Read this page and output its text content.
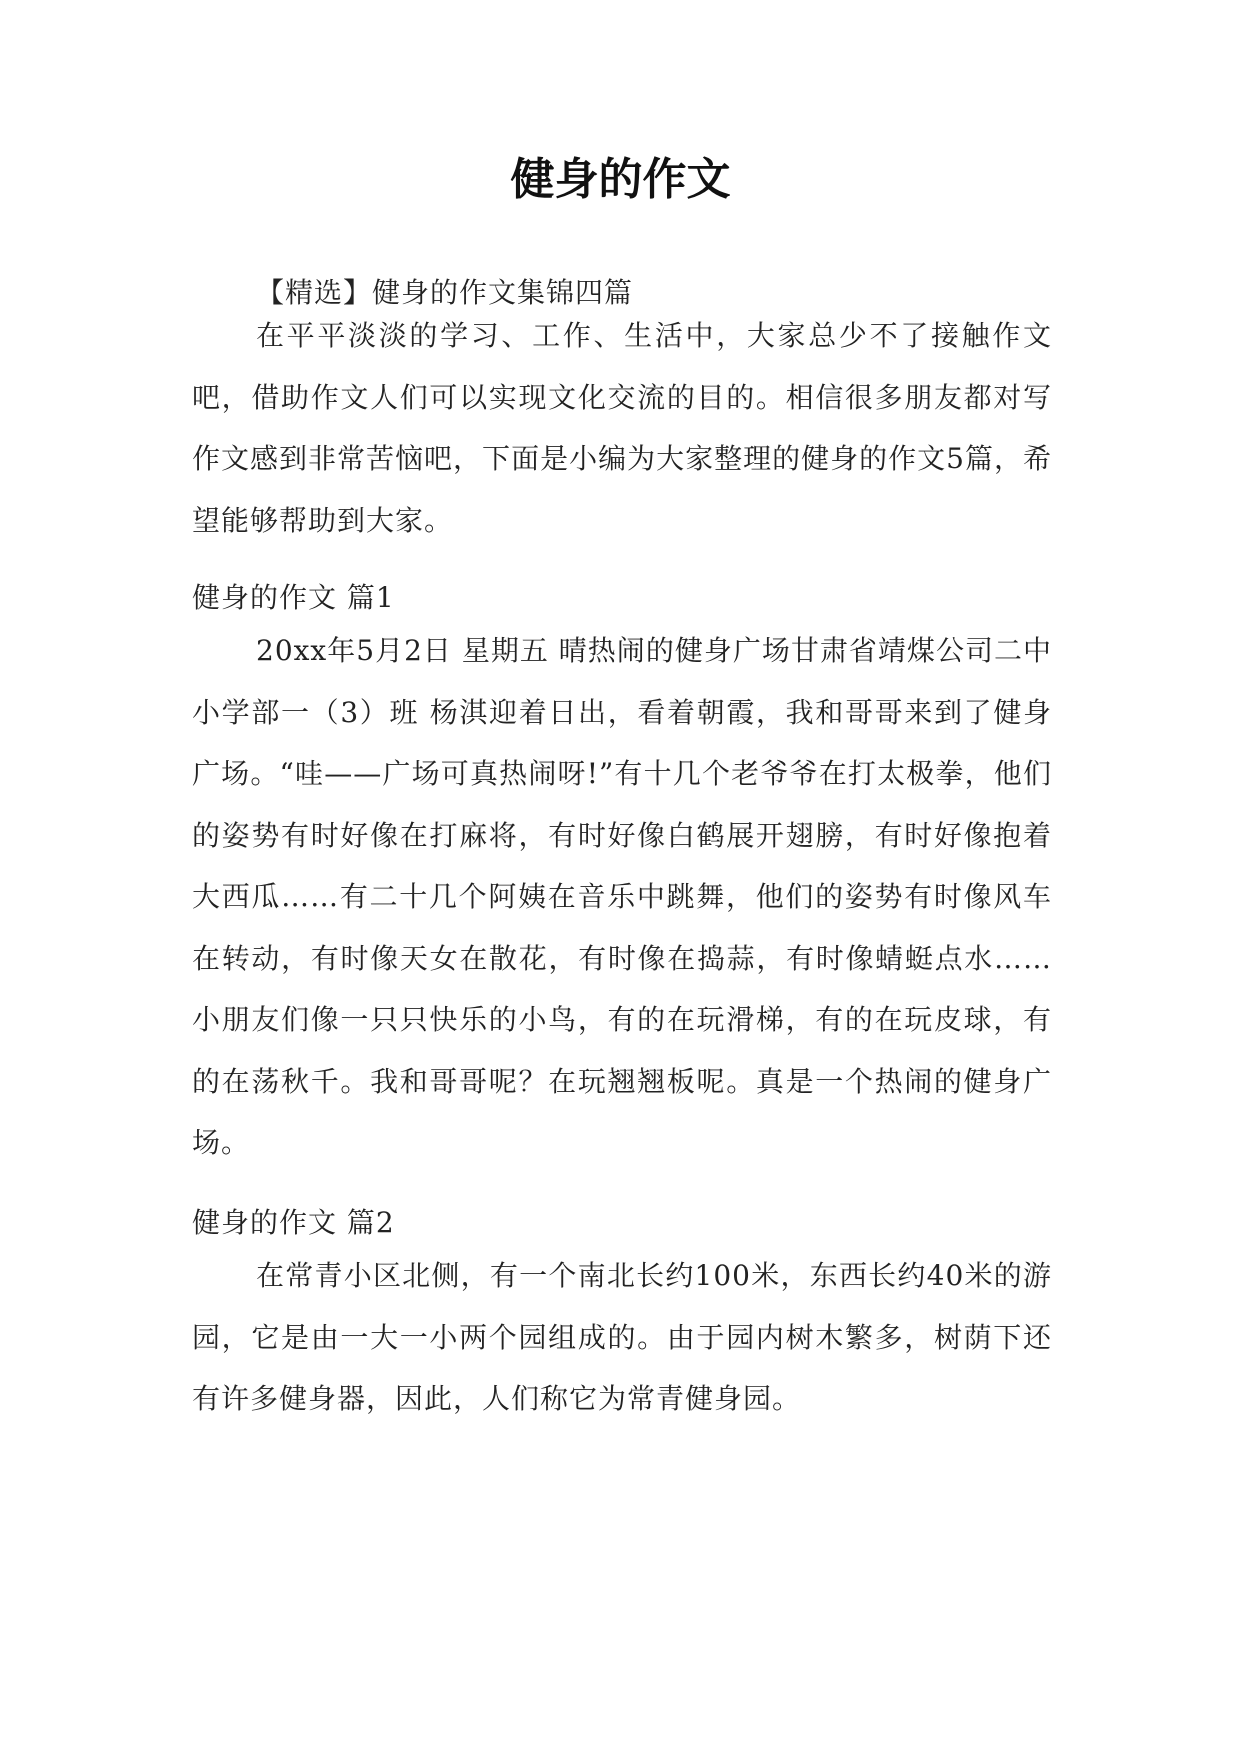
健身的作文

【精选】健身的作文集锦四篇

在平平淡淡的学习、工作、生活中，大家总少不了接触作文吧，借助作文人们可以实现文化交流的目的。相信很多朋友都对写作文感到非常苦恼吧，下面是小编为大家整理的健身的作文5篇，希望能够帮助到大家。

健身的作文 篇1

20xx年5月2日 星期五 晴热闹的健身广场甘肃省靖煤公司二中小学部一（3）班 杨淇迎着日出，看着朝霞，我和哥哥来到了健身广场。“哇——广场可真热闹呀!”有十几个老爷爷在打太极拳，他们的姿势有时好像在打麻将，有时好像白鹤展开翅膀，有时好像抱着大西瓜……有二十几个阿姨在音乐中跳舞，他们的姿势有时像风车在转动，有时像天女在散花，有时像在捣蒜，有时像蜻蜓点水……小朋友们像一只只快乐的小鸟，有的在玩滑梯，有的在玩皮球，有的在荡秋千。我和哥哥呢？在玩翘翘板呢。真是一个热闹的健身广场。

健身的作文 篇2

在常青小区北侧，有一个南北长约100米，东西长约40米的游园，它是由一大一小两个园组成的。由于园内树木繁多，树荫下还有许多健身器，因此，人们称它为常青健身园。
